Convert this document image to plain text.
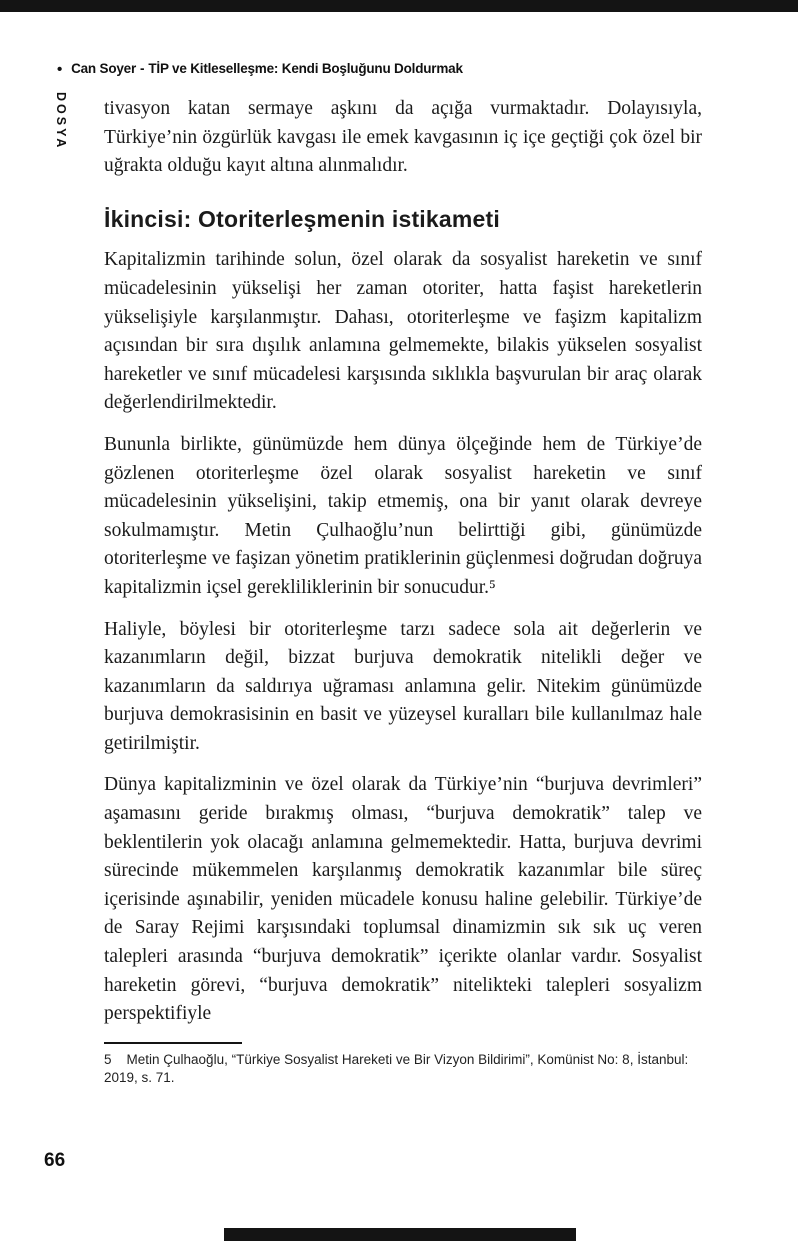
• Can Soyer - TİP ve Kitleselleşme: Kendi Boşluğunu Doldurmak
DOSYA tivasyon katan sermaye aşkını da açığa vurmaktadır. Dolayısıyla, Türkiye’nin özgürlük kavgası ile emek kavgasının iç içe geçtiği çok özel bir uğrakta olduğu kayıt altına alınmalıdır.

İkincisi: Otoriterleşmenin istikameti

Kapitalizmin tarihinde solun, özel olarak da sosyalist hareketin ve sınıf mücadelesinin yükselişi her zaman otoriter, hatta faşist hareketlerin yükselişiyle karşılanmıştır. Dahası, otoriterleşme ve faşizm kapitalizm açısından bir sıra dışılık anlamına gelmemekte, bilakis yükselen sosyalist hareketler ve sınıf mücadelesi karşısında sıklıkla başvurulan bir araç olarak değerlendirilmektedir.

Bununla birlikte, günümüzde hem dünya ölçeğinde hem de Türkiye’de gözlenen otoriterleşme özel olarak sosyalist hareketin ve sınıf mücadelesinin yükselişini, takip etmemiş, ona bir yanıt olarak devreye sokulmamıştır. Metin Çulhaoğlu’nun belirttiği gibi, günümüzde otoriterleşme ve faşizan yönetim pratiklerinin güçlenmesi doğrudan doğruya kapitalizmin içsel gerekliliklerinin bir sonucudur.⁵

Haliyle, böylesi bir otoriterleşme tarzı sadece sola ait değerlerin ve kazanımların değil, bizzat burjuva demokratik nitelikli değer ve kazanımların da saldırıya uğraması anlamına gelir. Nitekim günümüzde burjuva demokrasisinin en basit ve yüzeysel kuralları bile kullanılmaz hale getirilmiştir.

Dünya kapitalizminin ve özel olarak da Türkiye’nin “burjuva devrimleri” aşamasını geride bırakmış olması, “burjuva demokratik” talep ve beklentilerin yok olacağı anlamına gelmemektedir. Hatta, burjuva devrimi sürecinde mükemmelen karşılanmış demokratik kazanımlar bile süreç içerisinde aşınabilir, yeniden mücadele konusu haline gelebilir. Türkiye’de de Saray Rejimi karşısındaki toplumsal dinamizmin sık sık uç veren talepleri arasında “burjuva demokratik” içerikte olanlar vardır. Sosyalist hareketin görevi, “burjuva demokratik” nitelikteki talepleri sosyalizm perspektifiyle

5 Metin Çulhaoğlu, “Türkiye Sosyalist Hareketi ve Bir Vizyon Bildirimi”, Komünist No: 8, İstanbul: 2019, s. 71.

66
